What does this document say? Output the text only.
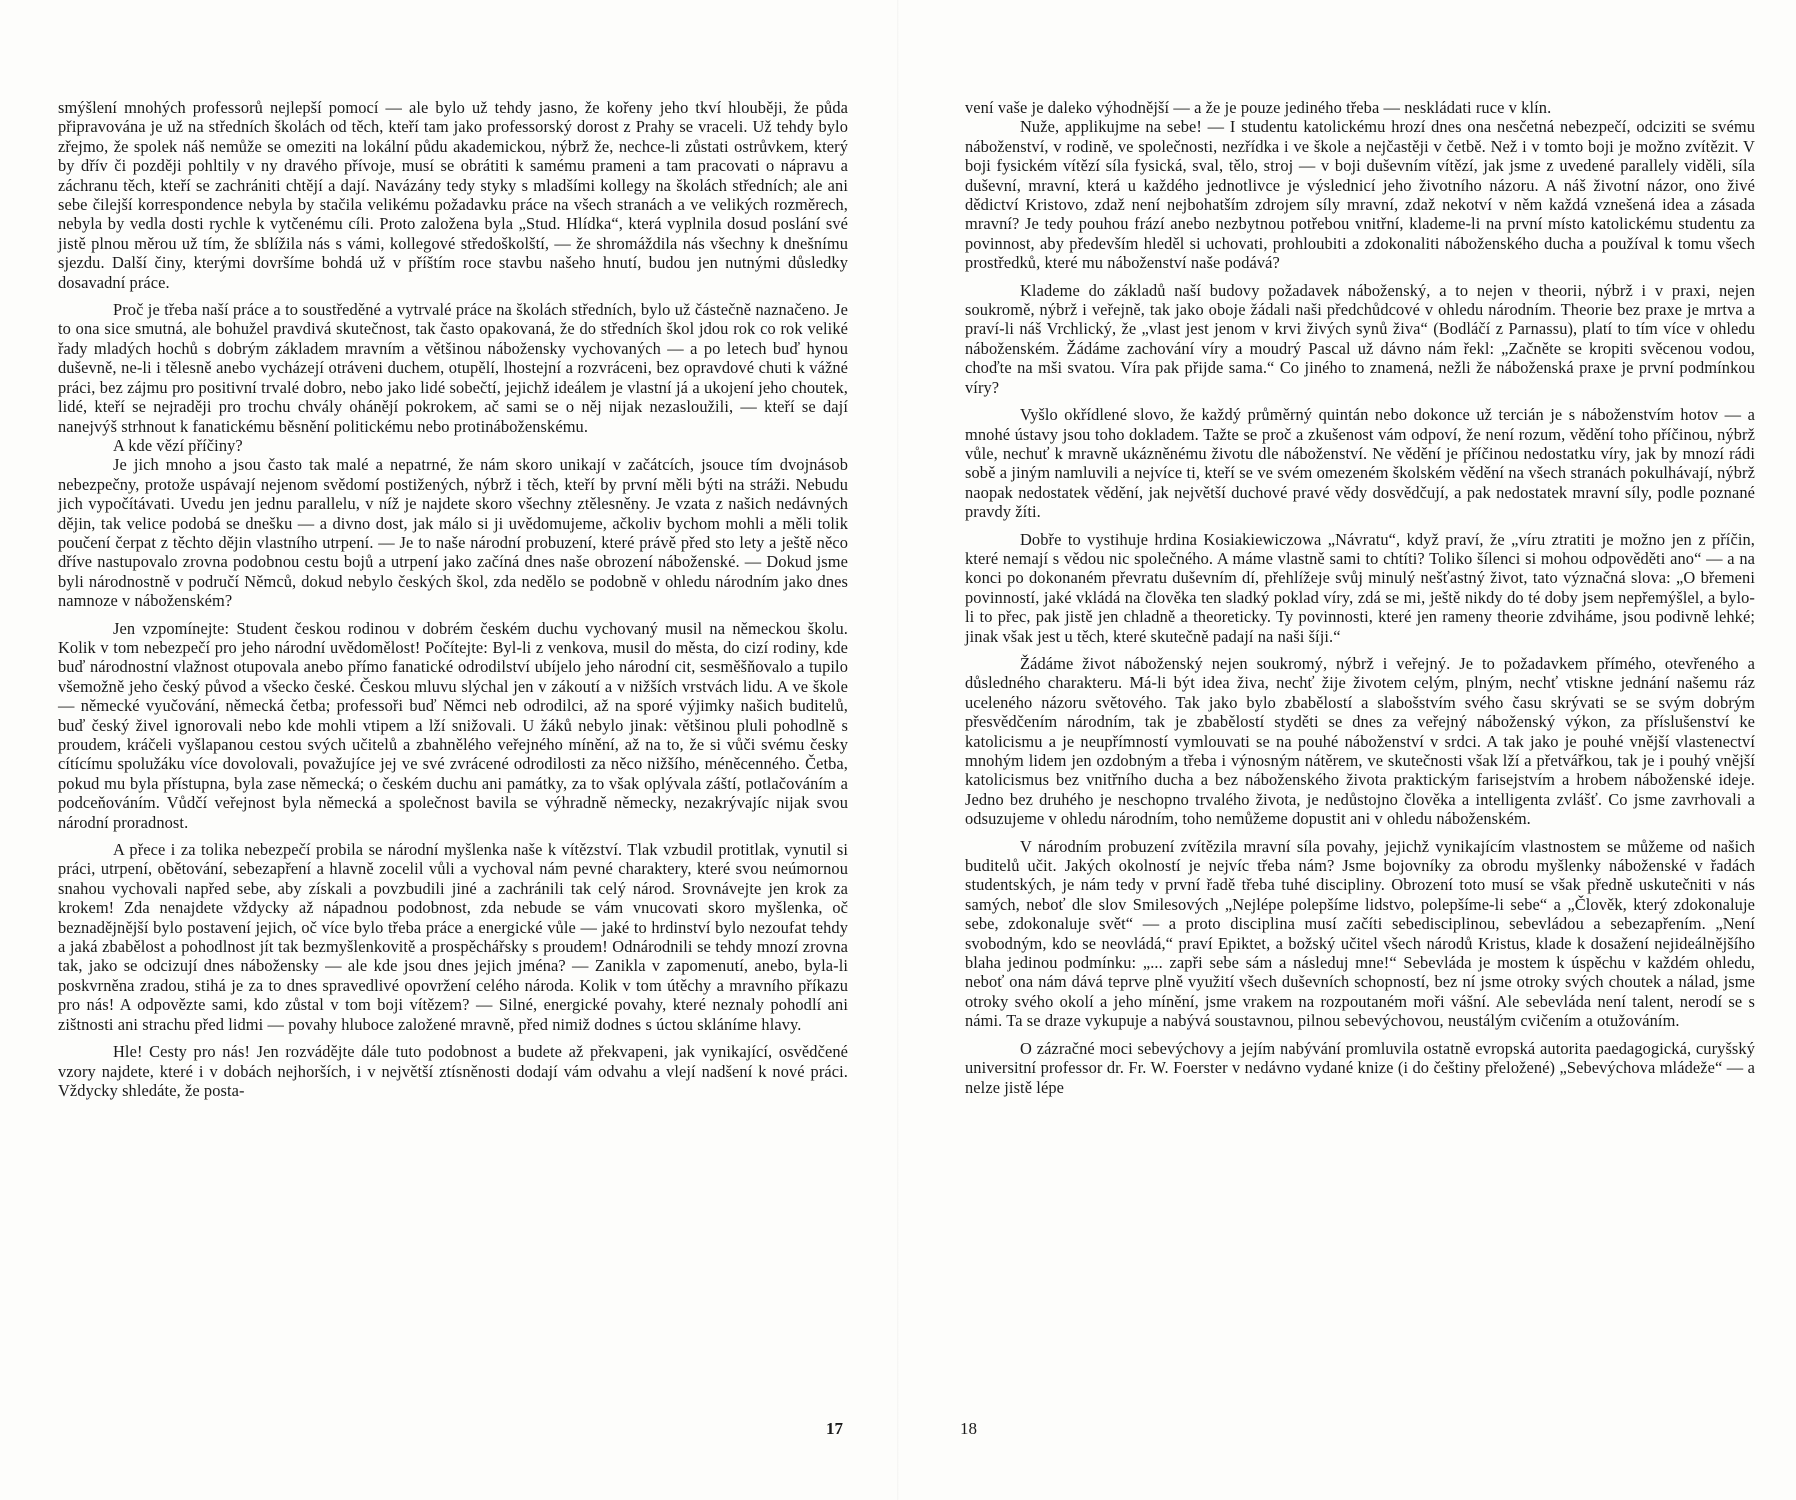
smýšlení mnohých professorů nejlepší pomocí — ale bylo už tehdy jasno, že kořeny jeho tkví hlouběji, že půda připravována je už na středních školách od těch, kteří tam jako professorský dorost z Prahy se vraceli. Už tehdy bylo zřejmo, že spolek náš nemůže se omeziti na lokální půdu akademickou, nýbrž že, nechce-li zůstati ostrůvkem, který by dřív či později pohltily v ny dravého přívoje, musí se obrátiti k samému prameni a tam pracovati o nápravu a záchranu těch, kteří se zachrániti chtějí a dají. Navázány tedy styky s mladšími kollegy na školách středních; ale ani sebe čilejší korrespondence nebyla by stačila velikému požadavku práce na všech stranách a ve velikých rozměrech, nebyla by vedla dosti rychle k vytčenému cíli. Proto založena byla „Stud. Hlídka“, která vyplnila dosud poslání své jistě plnou měrou už tím, že sblížila nás s vámi, kollegové středoškolští, — že shromáždila nás všechny k dnešnímu sjezdu. Další činy, kterými dovršíme bohdá už v příštím roce stavbu našeho hnutí, budou jen nutnými důsledky dosavadní práce.

Proč je třeba naší práce a to soustředěné a vytrvalé práce na školách středních, bylo už částečně naznačeno. Je to ona sice smutná, ale bohužel pravdivá skutečnost, tak často opakovaná, že do středních škol jdou rok co rok veliké řady mladých hochů s dobrým základem mravním a většinou nábožensky vychovaných — a po letech buď hynou duševně, ne-li i tělesně anebo vycházejí otráveni duchem, otupělí, lhostejní a rozvráceni, bez opravdové chuti k vážné práci, bez zájmu pro positivní trvalé dobro, nebo jako lidé sobečtí, jejichž ideálem je vlastní já a ukojení jeho choutek, lidé, kteří se nejraději pro trochu chvály ohánějí pokrokem, ač sami se o něj nijak nezasloužili, — kteří se dají nanejvýš strhnout k fanatickému běsnění politickému nebo protináboženskému.

A kde vězí příčiny?

Je jich mnoho a jsou často tak malé a nepatrné, že nám skoro unikají v začátcích, jsouce tím dvojnásob nebezpečny, protože uspávají nejenom svědomí postižených, nýbrž i těch, kteří by první měli býti na stráži. Nebudu jich vypočítávati. Uvedu jen jednu parallelu, v níž je najdete skoro všechny ztělesněny. Je vzata z našich nedávných dějin, tak velice podobá se dnešku — a divno dost, jak málo si ji uvědomujeme, ačkoliv bychom mohli a měli tolik poučení čerpat z těchto dějin vlastního utrpení. — Je to naše národní probuzení, které právě před sto lety a ještě něco dříve nastupovalo zrovna podobnou cestu bojů a utrpení jako začíná dnes naše obrození náboženské. — Dokud jsme byli národnostně v područí Němců, dokud nebylo českých škol, zda nedělo se podobně v ohledu národním jako dnes namnoze v náboženském?

Jen vzpomínejte: Student českou rodinou v dobrém českém duchu vychovaný musil na německou školu. Kolik v tom nebezpečí pro jeho národní uvědomělost! Počítejte: Byl-li z venkova, musil do města, do cizí rodiny, kde buď národnostní vlažnost otupovala anebo přímo fanatické odrodilství ubíjelo jeho národní cit, sesměšňovalo a tupilo všemožně jeho český původ a všecko české. Českou mluvu slýchal jen v zákoutí a v nižších vrstvách lidu. A ve škole — německé vyučování, německá četba; professoři buď Němci neb odrodilci, až na sporé výjimky našich buditelů, buď český živel ignorovali nebo kde mohli vtipem a lží snižovali. U žáků nebylo jinak: většinou pluli pohodlně s proudem, kráčeli vyšlapanou cestou svých učitelů a zbahnělého veřejného mínění, až na to, že si vůči svému česky cítícímu spolužáku více dovolovali, považujíce jej ve své zvrácené odrodilosti za něco nižšího, méněcenného. Četba, pokud mu byla přístupna, byla zase německá; o českém duchu ani památky, za to však oplývala záští, potlačováním a podceňováním. Vůdčí veřejnost byla německá a společnost bavila se výhradně německy, nezakrývajíc nijak svou národní proradnost.

A přece i za tolika nebezpečí probila se národní myšlenka naše k vítězství. Tlak vzbudil protitlak, vynutil si práci, utrpení, obětování, sebezapření a hlavně zocelil vůli a vychoval nám pevné charaktery, které svou neúmornou snahou vychovali napřed sebe, aby získali a povzbudili jiné a zachránili tak celý národ. Srovnávejte jen krok za krokem! Zda nenajdete vždycky až nápadnou podobnost, zda nebude se vám vnucovati skoro myšlenka, oč beznadějnější bylo postavení jejich, oč více bylo třeba práce a energické vůle — jaké to hrdinství bylo nezoufat tehdy a jaká zbabělost a pohodlnost jít tak bezmyšlenkovitě a prospěchářsky s proudem! Odnárodnili se tehdy mnozí zrovna tak, jako se odcizují dnes nábožensky — ale kde jsou dnes jejich jména? — Zanikla v zapomenutí, anebo, byla-li poskvrněna zradou, stihá je za to dnes spravedlivé opovržení celého národa. Kolik v tom útěchy a mravního příkazu pro nás! A odpovězte sami, kdo zůstal v tom boji vítězem? — Silné, energické povahy, které neznaly pohodlí ani zištnosti ani strachu před lidmi — povahy hluboce založené mravně, před nimiž dodnes s úctou skláníme hlavy.

Hle! Cesty pro nás! Jen rozvádějte dále tuto podobnost a budete až překvapeni, jak vynikající, osvědčené vzory najdete, které i v dobách nejhorších, i v největší ztísněnosti dodají vám odvahu a vlejí nadšení k nové práci. Vždycky shledáte, že posta-

vení vaše je daleko výhodnější — a že je pouze jediného třeba — neskládati ruce v klín.

Nuže, applikujme na sebe! — I studentu katolickému hrozí dnes ona nesčetná nebezpečí, odciziti se svému náboženství, v rodině, ve společnosti, nezřídka i ve škole a nejčastěji v četbě. Než i v tomto boji je možno zvítězit. V boji fysickém vítězí síla fysická, sval, tělo, stroj — v boji duševním vítězí, jak jsme z uvedené parallely viděli, síla duševní, mravní, která u každého jednotlivce je výslednicí jeho životního názoru. A náš životní názor, ono živé dědictví Kristovo, zdaž není nejbohatším zdrojem síly mravní, zdaž nekotví v něm každá vznešená idea a zásada mravní? Je tedy pouhou frází anebo nezbytnou potřebou vnitřní, klademe-li na první místo katolickému studentu za povinnost, aby především hleděl si uchovati, prohloubiti a zdokonaliti náboženského ducha a používal k tomu všech prostředků, které mu náboženství naše podává?

Klademe do základů naší budovy požadavek náboženský, a to nejen v theorii, nýbrž i v praxi, nejen soukromě, nýbrž i veřejně, tak jako oboje žádali naši předchůdcové v ohledu národním. Theorie bez praxe je mrtva a praví-li náš Vrchlický, že „vlast jest jenom v krvi živých synů živa“ (Bodláčí z Parnassu), platí to tím více v ohledu náboženském. Žádáme zachování víry a moudrý Pascal už dávno nám řekl: „Začněte se kropiti svěcenou vodou, choďte na mši svatou. Víra pak přijde sama.“ Co jiného to znamená, nežli že náboženská praxe je první podmínkou víry?

Vyšlo okřídlené slovo, že každý průměrný quintán nebo dokonce už tercián je s náboženstvím hotov — a mnohé ústavy jsou toho dokladem. Tažte se proč a zkušenost vám odpoví, že není rozum, vědění toho příčinou, nýbrž vůle, nechuť k mravně ukázněnému životu dle náboženství. Ne vědění je příčinou nedostatku víry, jak by mnozí rádi sobě a jiným namluvili a nejvíce ti, kteří se ve svém omezeném školském vědění na všech stranách pokulhávají, nýbrž naopak nedostatek vědění, jak největší duchové pravé vědy dosvědčují, a pak nedostatek mravní síly, podle poznané pravdy žíti.

Dobře to vystihuje hrdina Kosiakiewiczowa „Návratu“, když praví, že „víru ztratiti je možno jen z příčin, které nemají s vědou nic společného. A máme vlastně sami to chtíti? Toliko šílenci si mohou odpověděti ano“ — a na konci po dokonaném převratu duševním dí, přehlížeje svůj minulý nešťastný život, tato význačná slova: „O břemeni povinností, jaké vkládá na člověka ten sladký poklad víry, zdá se mi, ještě nikdy do té doby jsem nepřemýšlel, a bylo-li to přec, pak jistě jen chladně a theoreticky. Ty povinnosti, které jen rameny theorie zdviháme, jsou podivně lehké; jinak však jest u těch, které skutečně padají na naši šíji.“

Žádáme život náboženský nejen soukromý, nýbrž i veřejný. Je to požadavkem přímého, otevřeného a důsledného charakteru. Má-li být idea živa, nechť žije životem celým, plným, nechť vtiskne jednání našemu ráz uceleného názoru světového. Tak jako bylo zbabělostí a slabošstvím svého času skrývati se se svým dobrým přesvědčením národním, tak je zbabělostí styděti se dnes za veřejný náboženský výkon, za příslušenství ke katolicismu a je neupřímností vymlouvati se na pouhé náboženství v srdci. A tak jako je pouhé vnější vlastenectví mnohým lidem jen ozdobným a třeba i výnosným nátěrem, ve skutečnosti však lží a přetvářkou, tak je i pouhý vnější katolicismus bez vnitřního ducha a bez náboženského života praktickým farisejstvím a hrobem náboženské ideje. Jedno bez druhého je neschopno trvalého života, je nedůstojno člověka a intelligenta zvlášť. Co jsme zavrhovali a odsuzujeme v ohledu národním, toho nemůžeme dopustit ani v ohledu náboženském.

V národním probuzení zvítězila mravní síla povahy, jejichž vynikajícím vlastnostem se můžeme od našich buditelů učit. Jakých okolností je nejvíc třeba nám? Jsme bojovníky za obrodu myšlenky náboženské v řadách studentských, je nám tedy v první řadě třeba tuhé discipliny. Obrození toto musí se však předně uskutečniti v nás samých, neboť dle slov Smilesových „Nejlépe polepšíme lidstvo, polepšíme-li sebe“ a „Člověk, který zdokonaluje sebe, zdokonaluje svět“ — a proto disciplina musí začíti sebedisciplinou, sebevládou a sebezapřením. „Není svobodným, kdo se neovládá,“ praví Epiktet, a božský učitel všech národů Kristus, klade k dosažení nejideálnějšího blaha jedinou podmínku: „... zapři sebe sám a následuj mne!“ Sebevláda je mostem k úspěchu v každém ohledu, neboť ona nám dává teprve plně využití všech duševních schopností, bez ní jsme otroky svých choutek a nálad, jsme otroky svého okolí a jeho mínění, jsme vrakem na rozpoutaném moři vášní. Ale sebevláda není talent, nerodí se s námi. Ta se draze vykupuje a nabývá soustavnou, pilnou sebevýchovou, neustálým cvičením a otužováním.

O zázračné moci sebevýchovy a jejím nabývání promluvila ostatně evropská autorita paedagogická, curyšský universitní professor dr. Fr. W. Foerster v nedávno vydané knize (i do češtiny přeložené) „Sebevýchova mládeže“ — a nelze jistě lépe

17	18
